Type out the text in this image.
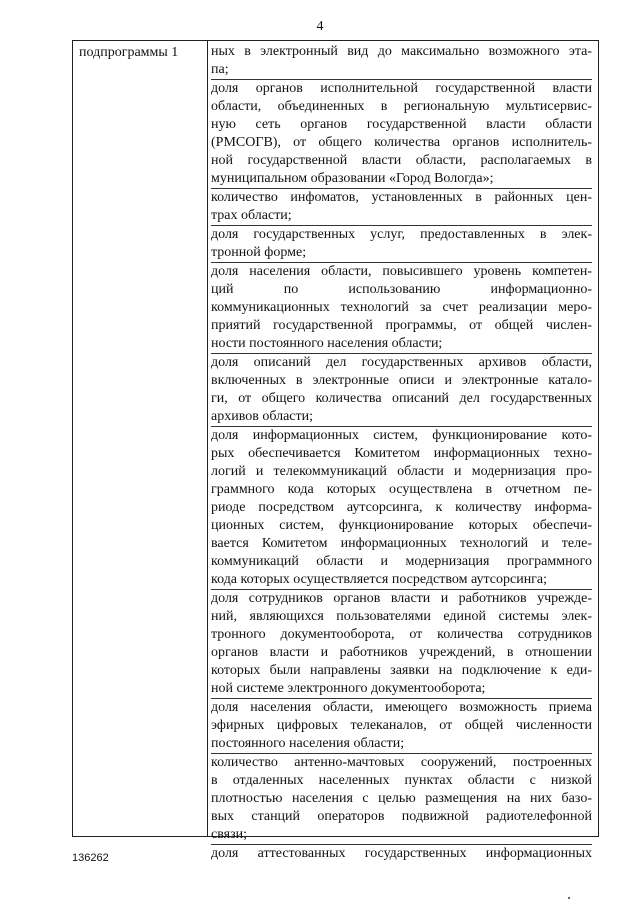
4
подпрограммы 1	ных в электронный вид до максимально возможного эта-
па;
доля органов исполнительной государственной власти
области, объединенных в региональную мультисервис-
ную сеть органов государственной власти области
(РМСОГВ), от общего количества органов исполнитель-
ной государственной власти области, располагаемых в
муниципальном образовании «Город Вологда»;
количество инфоматов, установленных в районных цен-
трах области;
доля государственных услуг, предоставленных в элек-
тронной форме;
доля населения области, повысившего уровень компетен-
ций по использованию информационно-
коммуникационных технологий за счет реализации меро-
приятий государственной программы, от общей числен-
ности постоянного населения области;
доля описаний дел государственных архивов области,
включенных в электронные описи и электронные катало-
ги, от общего количества описаний дел государственных
архивов области;
доля информационных систем, функционирование кото-
рых обеспечивается Комитетом информационных техно-
логий и телекоммуникаций области и модернизация про-
граммного кода которых осуществлена в отчетном пе-
риоде посредством аутсорсинга, к количеству информа-
ционных систем, функционирование которых обеспечи-
вается Комитетом информационных технологий и теле-
коммуникаций области и модернизация программного
кода которых осуществляется посредством аутсорсинга;
доля сотрудников органов власти и работников учрежде-
ний, являющихся пользователями единой системы элек-
тронного документооборота, от количества сотрудников
органов власти и работников учреждений, в отношении
которых были направлены заявки на подключение к еди-
ной системе электронного документооборота;
доля населения области, имеющего возможность приема
эфирных цифровых телеканалов, от общей численности
постоянного населения области;
количество антенно-мачтовых сооружений, построенных
в отдаленных населенных пунктах области с низкой
плотностью населения с целью размещения на них базо-
вых станций операторов подвижной радиотелефонной
связи;
доля аттестованных государственных информационных
136262
